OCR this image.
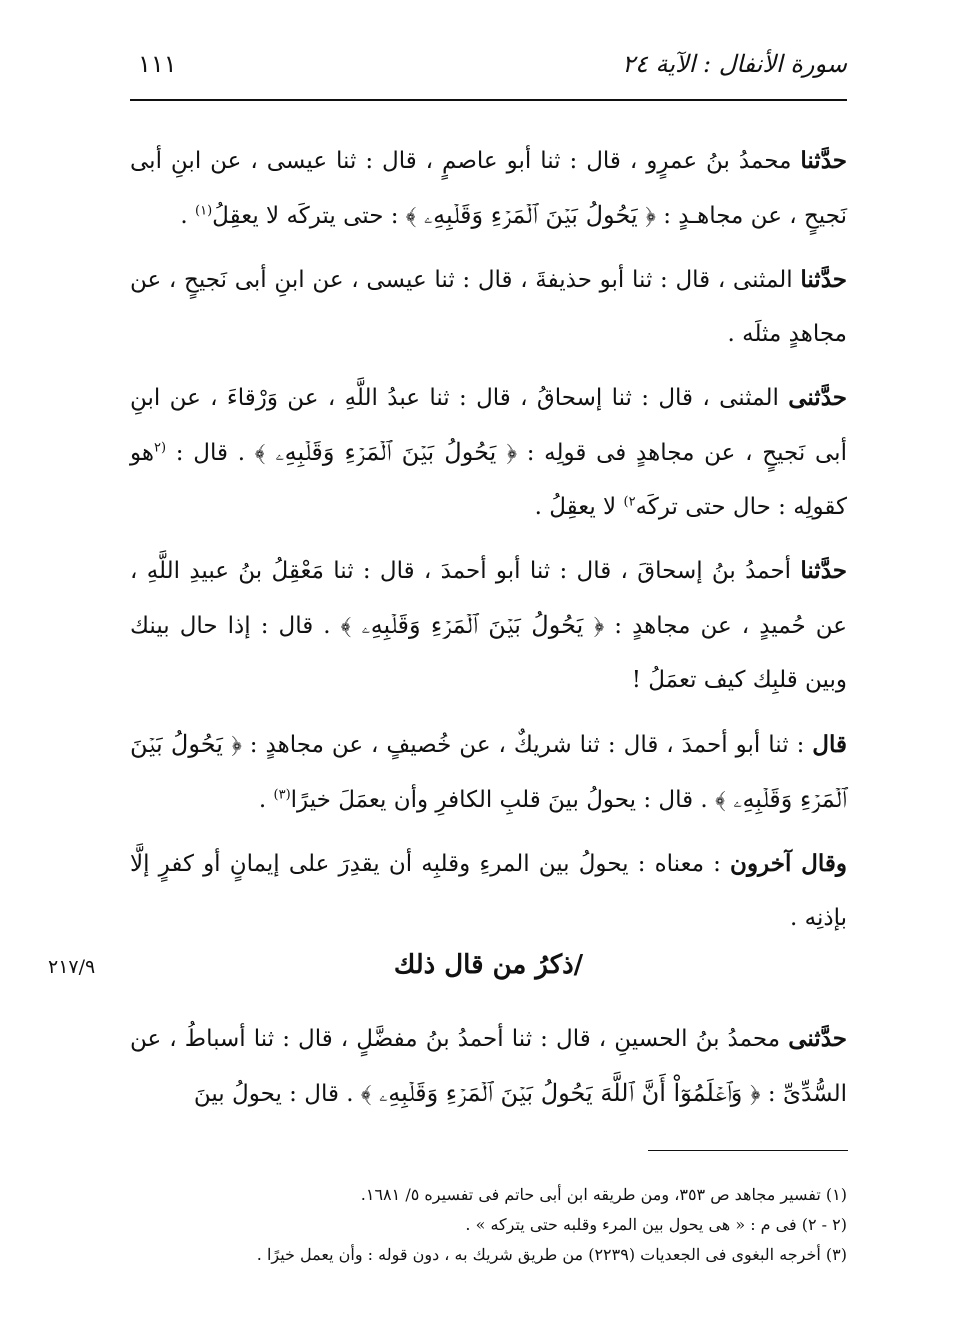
سورة الأنفال : الآية ٢٤
١١١

حدَّثنا محمدُ بنُ عمرٍو ، قال : ثنا أبو عاصمٍ ، قال : ثنا عيسى ، عن ابنِ أبى نَجيحٍ ، عن مجاهـدٍ : ﴿ يَحُولُ بَيۡنَ ٱلۡمَرۡءِ وَقَلۡبِهِۦ ﴾ : حتى يتركَه لا يعقِلُ$^{(١)}$ .

حدَّثنا المثنى ، قال : ثنا أبو حذيفةَ ، قال : ثنا عيسى ، عن ابنِ أبى نَجيحٍ ، عن مجاهدٍ مثلَه .

حدَّثنى المثنى ، قال : ثنا إسحاقُ ، قال : ثنا عبدُ اللَّهِ ، عن وَرْقاءَ ، عن ابنِ أبى نَجيحٍ ، عن مجاهدٍ فى قولِه : ﴿ يَحُولُ بَيۡنَ ٱلۡمَرۡءِ وَقَلۡبِهِۦ ﴾ . قال : $^{(٢}$هو كقولِه : حال حتى تركَه$^{٢)}$ لا يعقِلُ .

حدَّثنا أحمدُ بنُ إسحاقَ ، قال : ثنا أبو أحمدَ ، قال : ثنا مَعْقِلُ بنُ عبيدِ اللَّهِ ، عن حُميدٍ ، عن مجاهدٍ : ﴿ يَحُولُ بَيۡنَ ٱلۡمَرۡءِ وَقَلۡبِهِۦ ﴾ . قال : إذا حال بينك وبين قلبِك كيف تعمَلُ !

قال : ثنا أبو أحمدَ ، قال : ثنا شريكٌ ، عن خُصيفٍ ، عن مجاهدٍ : ﴿ يَحُولُ بَيۡنَ ٱلۡمَرۡءِ وَقَلۡبِهِۦ ﴾ . قال : يحولُ بينَ قلبِ الكافرِ وأن يعمَلَ خيرًا$^{(٣)}$ .

وقال آخرون : معناه : يحولُ بين المرءِ وقلبِه أن يقدِرَ على إيمانٍ أو كفرٍ إلَّا بإذنِه .

/ذكرُ من قال ذلك
٢١٧/٩

حدَّثنى محمدُ بنُ الحسينِ ، قال : ثنا أحمدُ بنُ مفضَّلٍ ، قال : ثنا أسباطُ ، عن السُّدِّىِّ : ﴿ وَٱعۡلَمُوٓاْ أَنَّ ٱللَّهَ يَحُولُ بَيۡنَ ٱلۡمَرۡءِ وَقَلۡبِهِۦ ﴾ . قال : يحولُ بينَ

(١) تفسير مجاهد ص ٣٥٣، ومن طريقه ابن أبى حاتم فى تفسيره ٥/ ١٦٨١.
(٢ - ٢) فى م : « هى يحول بين المرء وقلبه حتى يتركه » .
(٣) أخرجه البغوى فى الجعديات (٢٢٣٩) من طريق شريك به ، دون قوله : وأن يعمل خيرًا .
